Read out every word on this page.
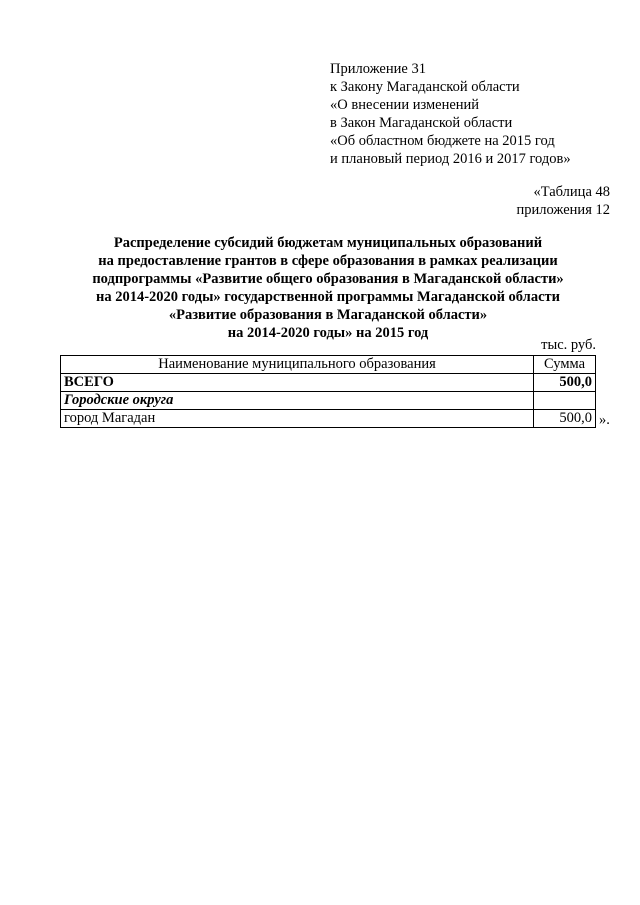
Приложение 31
к Закону Магаданской области
«О внесении изменений
в Закон Магаданской области
«Об областном бюджете на 2015 год
и плановый период 2016 и 2017 годов»
«Таблица 48
приложения 12
Распределение субсидий бюджетам муниципальных образований
на предоставление грантов в сфере образования в рамках реализации
подпрограммы «Развитие общего образования в Магаданской области»
на 2014-2020 годы» государственной программы Магаданской области
«Развитие образования в Магаданской области»
на 2014-2020 годы» на 2015 год
тыс. руб.
Наименование муниципального образования	Сумма
ВСЕГО	500,0
Городские округа	
город Магадан	500,0 ».
